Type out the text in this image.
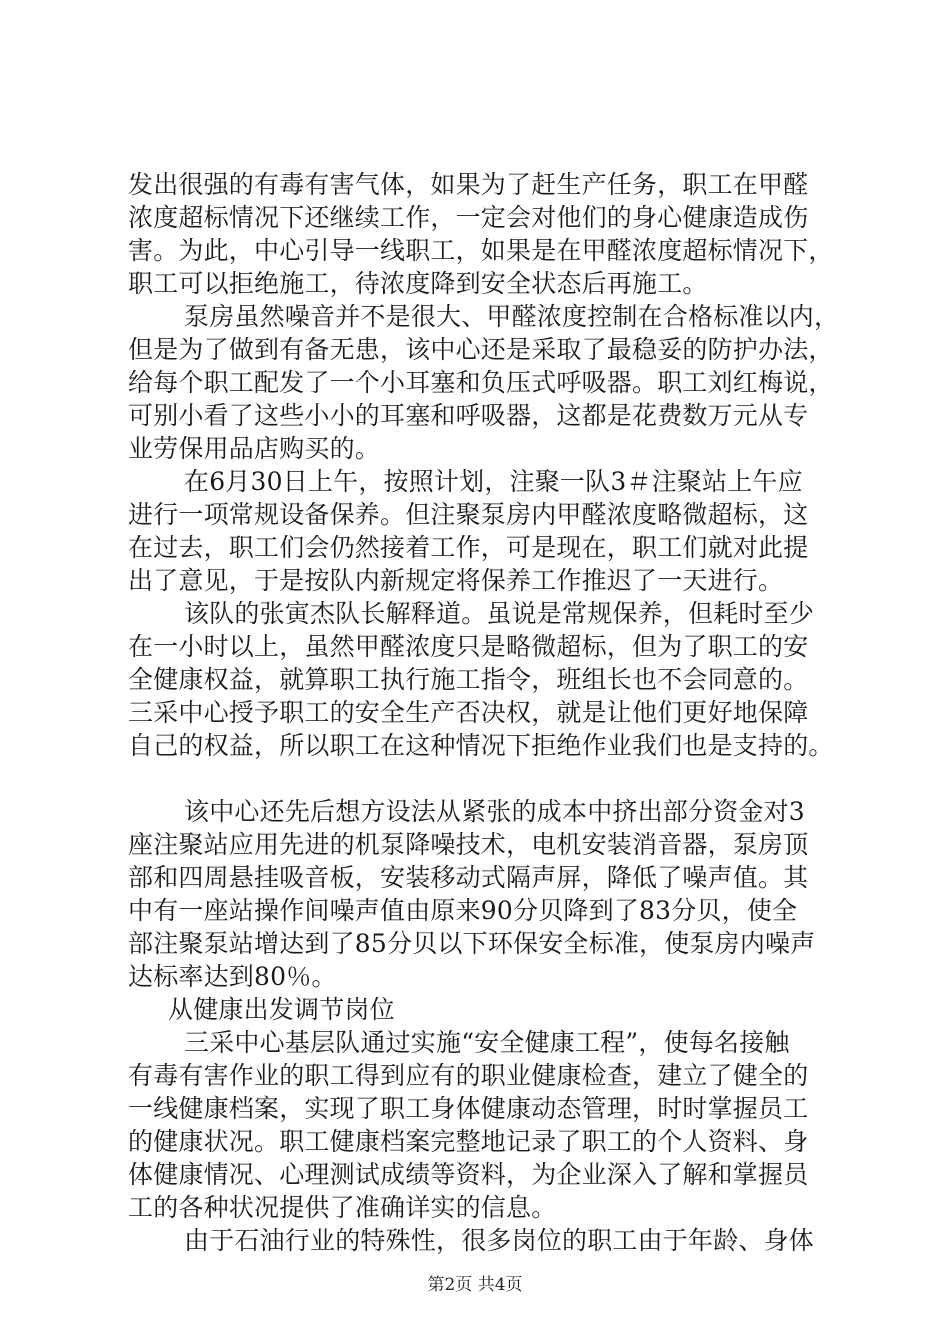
发出很强的有毒有害气体，如果为了赶生产任务，职工在甲醛
浓度超标情况下还继续工作，一定会对他们的身心健康造成伤
害。为此，中心引导一线职工，如果是在甲醛浓度超标情况下，
职工可以拒绝施工，待浓度降到安全状态后再施工。
泵房虽然噪音并不是很大、甲醛浓度控制在合格标准以内，
但是为了做到有备无患，该中心还是采取了最稳妥的防护办法，
给每个职工配发了一个小耳塞和负压式呼吸器。职工刘红梅说，
可别小看了这些小小的耳塞和呼吸器，这都是花费数万元从专
业劳保用品店购买的。
在6月30日上午，按照计划，注聚一队3＃注聚站上午应
进行一项常规设备保养。但注聚泵房内甲醛浓度略微超标，这
在过去，职工们会仍然接着工作，可是现在，职工们就对此提
出了意见，于是按队内新规定将保养工作推迟了一天进行。
该队的张寅杰队长解释道。虽说是常规保养，但耗时至少
在一小时以上，虽然甲醛浓度只是略微超标，但为了职工的安
全健康权益，就算职工执行施工指令，班组长也不会同意的。
三采中心授予职工的安全生产否决权，就是让他们更好地保障
自己的权益，所以职工在这种情况下拒绝作业我们也是支持的。
该中心还先后想方设法从紧张的成本中挤出部分资金对3
座注聚站应用先进的机泵降噪技术，电机安装消音器，泵房顶
部和四周悬挂吸音板，安装移动式隔声屏，降低了噪声值。其
中有一座站操作间噪声值由原来90分贝降到了83分贝，使全
部注聚泵站增达到了85分贝以下环保安全标准，使泵房内噪声
达标率达到80％。
从健康出发调节岗位
三采中心基层队通过实施“安全健康工程”，使每名接触
有毒有害作业的职工得到应有的职业健康检查，建立了健全的
一线健康档案，实现了职工身体健康动态管理，时时掌握员工
的健康状况。职工健康档案完整地记录了职工的个人资料、身
体健康情况、心理测试成绩等资料，为企业深入了解和掌握员
工的各种状况提供了准确详实的信息。
由于石油行业的特殊性，很多岗位的职工由于年龄、身体
第2页 共4页
